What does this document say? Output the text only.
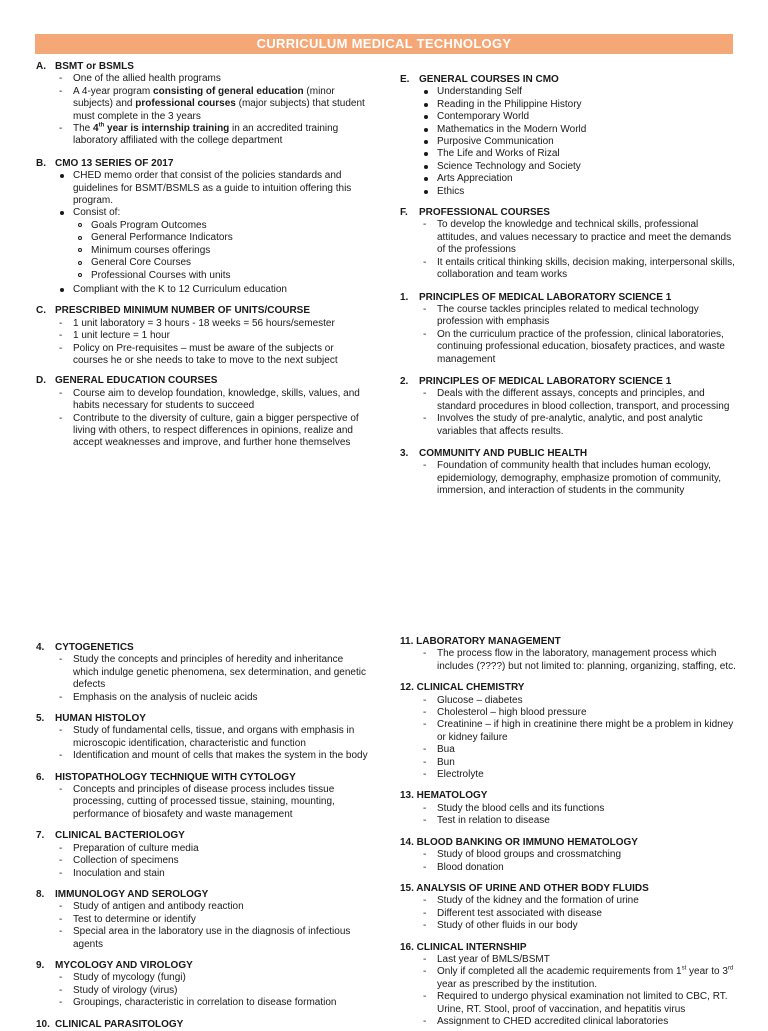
CURRICULUM MEDICAL TECHNOLOGY
A. BSMT or BSMLS
- One of the allied health programs
- A 4-year program consisting of general education (minor subjects) and professional courses (major subjects) that student must complete in the 3 years
- The 4th year is internship training in an accredited training laboratory affiliated with the college department
B. CMO 13 SERIES OF 2017
CHED memo order that consist of the policies standards and guidelines for BSMT/BSMLS as a guide to intuition offering this program.
Consist of:
Goals Program Outcomes
General Performance Indicators
Minimum courses offerings
General Core Courses
Professional Courses with units
Compliant with the K to 12 Curriculum education
C. PRESCRIBED MINIMUM NUMBER OF UNITS/COURSE
- 1 unit laboratory = 3 hours - 18 weeks = 56 hours/semester
- 1 unit lecture = 1 hour
- Policy on Pre-requisites – must be aware of the subjects or courses he or she needs to take to move to the next subject
D. GENERAL EDUCATION COURSES
- Course aim to develop foundation, knowledge, skills, values, and habits necessary for students to succeed
- Contribute to the diversity of culture, gain a bigger perspective of living with others, to respect differences in opinions, realize and accept weaknesses and improve, and further hone themselves
E. GENERAL COURSES IN CMO
Understanding Self
Reading in the Philippine History
Contemporary World
Mathematics in the Modern World
Purposive Communication
The Life and Works of Rizal
Science Technology and Society
Arts Appreciation
Ethics
F.	PROFESSIONAL COURSES
- To develop the knowledge and technical skills, professional attitudes, and values necessary to practice and meet the demands of the professions
- It entails critical thinking skills, decision making, interpersonal skills, collaboration and team works
1.	PRINCIPLES OF MEDICAL LABORATORY SCIENCE 1
- The course tackles principles related to medical technology profession with emphasis
- On the curriculum practice of the profession, clinical laboratories, continuing professional education, biosafety practices, and waste management
2.	PRINCIPLES OF MEDICAL LABORATORY SCIENCE 1
- Deals with the different assays, concepts and principles, and standard procedures in blood collection, transport, and processing
- Involves the study of pre-analytic, analytic, and post analytic variables that affects results.
3.	COMMUNITY AND PUBLIC HEALTH
- Foundation of community health that includes human ecology, epidemiology, demography, emphasize promotion of community, immersion, and interaction of students in the community
4.	CYTOGENETICS
- Study the concepts and principles of heredity and inheritance which indulge genetic phenomena, sex determination, and genetic defects
- Emphasis on the analysis of nucleic acids
5.	HUMAN HISTOLOY
- Study of fundamental cells, tissue, and organs with emphasis in microscopic identification, characteristic and function
- Identification and mount of cells that makes the system in the body
6.	HISTOPATHOLOGY TECHNIQUE WITH CYTOLOGY
- Concepts and principles of disease process includes tissue processing, cutting of processed tissue, staining, mounting, performance of biosafety and waste management
7.	CLINICAL BACTERIOLOGY
- Preparation of culture media
- Collection of specimens
- Inoculation and stain
8.	IMMUNOLOGY AND SEROLOGY
- Study of antigen and antibody reaction
- Test to determine or identify
- Special area in the laboratory use in the diagnosis of infectious agents
9.	MYCOLOGY AND VIROLOGY
- Study of mycology (fungi)
- Study of virology (virus)
- Groupings, characteristic in correlation to disease formation
10. CLINICAL PARASITOLOGY
11. LABORATORY MANAGEMENT
- The process flow in the laboratory, management process which includes (????) but not limited to: planning, organizing, staffing, etc.
12. CLINICAL CHEMISTRY
- Glucose – diabetes
- Cholesterol – high blood pressure
- Creatinine – if high in creatinine there might be a problem in kidney or kidney failure
- Bua
- Bun
- Electrolyte
13. HEMATOLOGY
- Study the blood cells and its functions
- Test in relation to disease
14. BLOOD BANKING OR IMMUNO HEMATOLOGY
- Study of blood groups and crossmatching
- Blood donation
15. ANALYSIS OF URINE AND OTHER BODY FLUIDS
- Study of the kidney and the formation of urine
- Different test associated with disease
- Study of other fluids in our body
16. CLINICAL INTERNSHIP
- Last year of BMLS/BSMT
- Only if completed all the academic requirements from 1st year to 3rd year as prescribed by the institution.
- Required to undergo physical examination not limited to CBC, RT. Urine, RT. Stool, proof of vaccination, and hepatitis virus
- Assignment to CHED accredited clinical laboratories
